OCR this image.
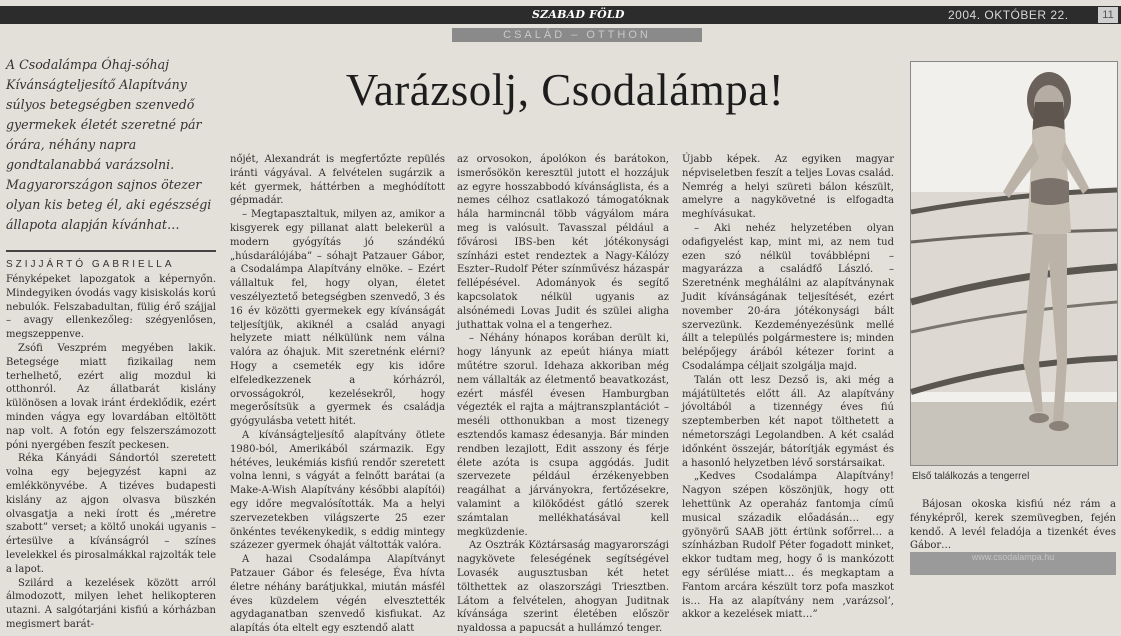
SZABAD FÖLD	2004. OKTÓBER 22.	11
CSALÁD – OTTHON
A Csodalámpa Óhaj-sóhaj Kívánságteljesítő Alapítvány súlyos betegségben szenvedő gyermekek életét szeretné pár órára, néhány napra gondtalanabbá varázsolni. Magyarországon sajnos ötezer olyan kis beteg él, aki egészségi állapota alapján kívánhat…
SZIJJÁRTÓ GABRIELLA
Varázsolj, Csodalámpa!

Fényképeket lapozgatok a képernyőn. Mindegyiken óvodás vagy kisiskolás korú nebulók. Felszabadultan, fülig érő szájjal – avagy ellenkezőleg: szégyenlősen, megszeppenve.

Zsófi Veszprém megyében lakik. Betegsége miatt fizikailag nem terhelhető, ezért alig mozdul ki otthonról. Az állatbarát kislány különösen a lovak iránt érdeklődik, ezért minden vágya egy lovardában eltöltött nap volt. A fotón egy felszerszámozott póni nyergében feszít peckesen.

Réka Kányádi Sándortól szeretett volna egy bejegyzést kapni az emlékkönyvébe. A tizéves budapesti kislány az ajgon olvasva büszkén olvasgatja a neki írott és „méretre szabott” verset; a költő unokái ugyanis – értesülve a kívánságról – színes levelekkel és pirosalmákkal rajzolták tele a lapot.

Szilárd a kezelések között arról álmodozott, milyen lehet helikopteren utazni. A salgótarjáni kisfiú a kórházban megismert barát-

nőjét, Alexandrát is megfertőzte repülés iránti vágyával. A felvételen sugárzik a két gyermek, háttérben a meghódított gépmadár.

– Megtapasztaltuk, milyen az, amikor a kisgyerek egy pillanat alatt belekerül a modern gyógyítás jó szándékú „húsdarálójába” – sóhajt Patzauer Gábor, a Csodalámpa Alapítvány elnöke. – Ezért vállaltuk fel, hogy olyan, életet veszélyeztető betegségben szenvedő, 3 és 16 év közötti gyermekek egy kívánságát teljesítjük, akiknél a család anyagi helyzete miatt nélkülünk nem válna valóra az óhajuk. Mit szeretnénk elérni? Hogy a csemeték egy kis időre elfeledkezzenek a kórházról, orvosságokról, kezelésekről, hogy megerősítsük a gyermek és családja gyógyulásba vetett hitét.

A kívánságteljesítő alapítvány ötlete 1980-ból, Amerikából származik. Egy hétéves, leukémiás kisfiú rendőr szeretett volna lenni, s vágyát a felnőtt barátai (a Make-A-Wish Alapítvány későbbi alapítói) egy időre megvalósították. Ma a helyi szervezetekben világszerte 25 ezer önkéntes tevékenykedik, s eddig mintegy százezer gyermek óhaját váltották valóra.

A hazai Csodalámpa Alapítványt Patzauer Gábor és felesége, Éva hívta életre néhány barátjukkal, miután másfél éves küzdelem végén elvesztették agydaganatban szenvedő kisfiukat. Az alapítás óta eltelt egy esztendő alatt

az orvosokon, ápolókon és barátokon, ismerősökön keresztül jutott el hozzájuk az egyre hosszabbodó kívánságlista, és a nemes célhoz csatlakozó támogatóknak hála harmincnál több vágyálom mára meg is valósult. Tavasszal például a fővárosi IBS-ben két jótékonysági színházi estet rendeztek a Nagy-Kálózy Eszter–Rudolf Péter színművész házaspár fellépésével. Adományok és segítő kapcsolatok nélkül ugyanis az alsónémedi Lovas Judit és szülei aligha juthattak volna el a tengerhez.

– Néhány hónapos korában derült ki, hogy lányunk az epeút hiánya miatt műtétre szorul. Idehaza akkoriban még nem vállalták az életmentő beavatkozást, ezért másfél évesen Hamburgban végezték el rajta a májtranszplantációt – meséli otthonukban a most tizenegy esztendős kamasz édesanyja. Bár minden rendben lezajlott, Edit asszony és férje élete azóta is csupa aggódás. Judit szervezete például érzékenyebben reagálhat a járványokra, fertőzésekre, valamint a kilökődést gátló szerek számtalan mellékhatásával kell megküzdenie.

Az Osztrák Köztársaság magyarországi nagykövete feleségének segítségével Lovasék augusztusban két hetet tölthettek az olaszországi Triesztben. Látom a felvételen, ahogyan Juditnak kívánsága szerint életében először nyaldossa a papucsát a hullámzó tenger.

Újabb képek. Az egyiken magyar népviseletben feszít a teljes Lovas család. Nemrég a helyi szüreti bálon készült, amelyre a nagykövetné is elfogadta meghívásukat.

– Aki nehéz helyzetében olyan odafigyelést kap, mint mi, az nem tud ezen szó nélkül továbblépni – magyarázza a családfő László. – Szeretnénk meghálálni az alapítványnak Judit kívánságának teljesítését, ezért november 20-ára jótékonysági bált szervezünk. Kezdeményezésünk mellé állt a település polgármestere is; minden belépőjegy árából kétezer forint a Csodalámpa céljait szolgálja majd.

Talán ott lesz Dezső is, aki még a májátültetés előtt áll. Az alapítvány jóvoltából a tizennégy éves fiú szeptemberben két napot tölthetett a németországi Legolandben. A két család időnként összejár, bátorítják egymást és a hasonló helyzetben lévő sorstársaikat.

„Kedves Csodalámpa Alapítvány! Nagyon szépen köszönjük, hogy ott lehettünk Az operaház fantomja című musical századik előadásán… egy gyönyörű SAAB jött értünk sofőrrel… a színházban Rudolf Péter fogadott minket, ekkor tudtam meg, hogy ő is mankózott egy sérülése miatt… és megkaptam a Fantom arcára készült torz pofa maszkot is… Ha az alapítvány nem ,varázsol’, akkor a kezelések miatt…”

Első találkozás a tengerrel

Bájosan okoska kisfiú néz rám a fényképről, kerek szemüvegben, fején kendő. A levél feladója a tizenkét éves Gábor…

www.csodalampa.hu
